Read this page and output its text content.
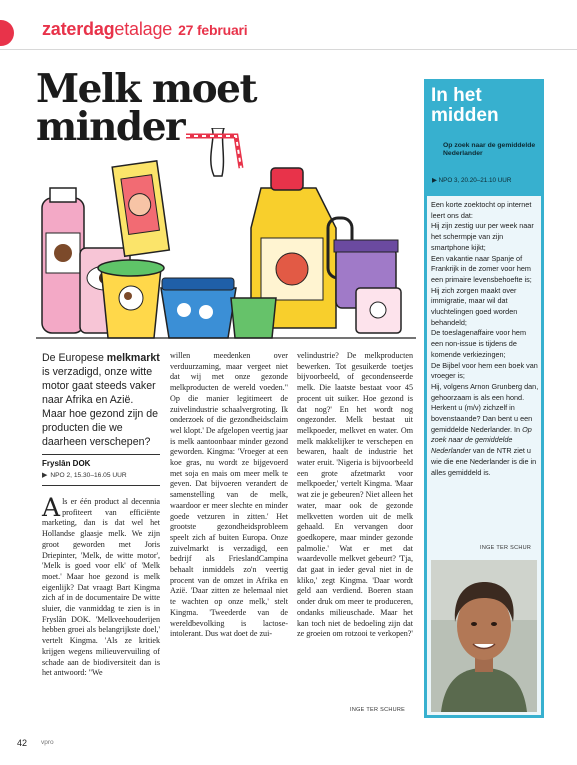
zaterdagetalage 27 februari
Melk moet
minder
De Europese melkmarkt is verzadigd, onze witte motor gaat steeds vaker naar Afrika en Azië. Maar hoe gezond zijn de producten die we daarheen verschepen?
Fryslân DOK
▶ NPO 2, 15.30–16.05 UUR
A ls er één product al decennia profiteert van efficiënte marketing, dan is dat wel het Hollandse glaasje melk. We zijn groot geworden met Joris Driepinter, 'Melk, de witte motor', 'Melk is goed voor elk' of 'Melk moet.' Maar hoe gezond is melk eigenlijk? Dat vraagt Bart Kingma zich af in de documentaire De witte sluier, die vanmiddag te zien is in Fryslân DOK. 'Melkveehouderijen hebben groei als belangrijkste doel,' vertelt Kingma. 'Als ze kritiek krijgen wegens milieuvervuiling of schade aan de biodiversiteit dan is het antwoord: "We

willen meedenken over verduurzaming, maar vergeet niet dat wij met onze gezonde melkproducten de wereld voeden." Op die manier legitimeert de zuivelindustrie schaalvergroting. Ik onderzoek of die gezondheidsclaim wel klopt.' De afgelopen veertig jaar is melk aantoonbaar minder gezond geworden. Kingma: 'Vroeger at een koe gras, nu wordt ze bijgevoerd met soja en mais om meer melk te geven. Dat bijvoeren verandert de samenstelling van de melk, waardoor er meer slechte en minder goede vetzuren in zitten.' Het grootste gezondheidsprobleem speelt zich af buiten Europa. Onze zuivelmarkt is verzadigd, een bedrijf als FrieslandCampina behaalt inmiddels zo'n veertig procent van de omzet in Afrika en Azië. 'Daar zitten ze helemaal niet te wachten op onze melk,' stelt Kingma. 'Tweederde van de wereldbevolking is lactose-intolerant. Dus wat doet de zui-

velindustrie? De melkproducten bewerken. Tot gesuikerde toetjes bijvoorbeeld, of gecondenseerde melk. Die laatste bestaat voor 45 procent uit suiker. Hoe gezond is dat nog?' En het wordt nog ongezonder. Melk bestaat uit melkpoeder, melkvet en water. Om melk makkelijker te verschepen en bewaren, haalt de industrie het water eruit. 'Nigeria is bijvoorbeeld een grote afzetmarkt voor melkpoeder,' vertelt Kingma. 'Maar wat zie je gebeuren? Niet alleen het water, maar ook de gezonde melkvetten worden uit de melk gehaald. En vervangen door goedkopere, maar minder gezonde palmolie.' Wat er met dat waardevolle melkvet gebeurt? 'Tja, dat gaat in ieder geval niet in de kliko,' zegt Kingma. 'Daar wordt geld aan verdiend. Boeren staan onder druk om meer te produceren, ondanks milieuschade. Maar het kan toch niet de bedoeling zijn dat ze groeien om rotzooi te verkopen?'

INGE TER SCHURE
In het
midden
Op zoek naar de gemiddelde Nederlander
▶ NPO 3, 20.20–21.10 UUR

Een korte zoektocht op internet leert ons dat:

Hij zijn zestig uur per week naar het schermpje van zijn smartphone kijkt;

Een vakantie naar Spanje of Frankrijk in de zomer voor hem een primaire levensbehoefte is;

Hij zich zorgen maakt over immigratie, maar wil dat vluchtelingen goed worden behandeld;

De toeslagenaffaire voor hem een non-issue is tijdens de komende verkiezingen;

De Bijbel voor hem een boek van vroeger is;

Hij, volgens Arnon Grunberg dan, gehoorzaam is als een hond.

Herkent u (m/v) zichzelf in bovenstaande? Dan bent u een gemiddelde Nederlander. In Op zoek naar de gemiddelde Nederlander van de NTR ziet u wie die ene Nederlander is die in alles gemiddeld is.

INGE TER SCHUR
42 vpro
